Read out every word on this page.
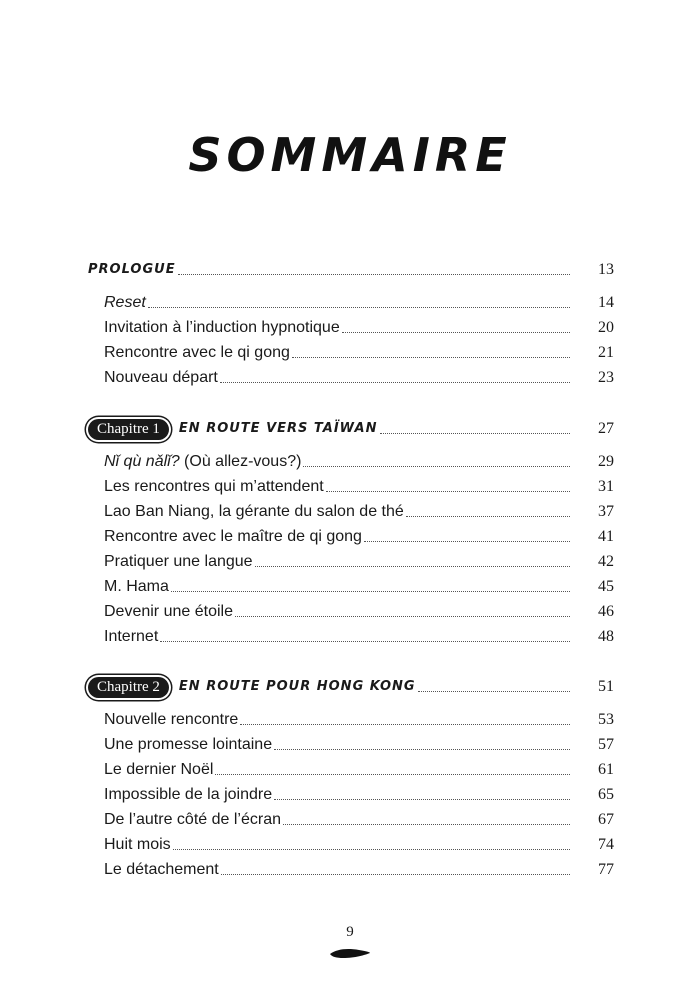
SOMMAIRE
PROLOGUE	13
Reset	14
Invitation à l’induction hypnotique	20
Rencontre avec le qi gong	21
Nouveau départ	23
Chapitre 1	EN ROUTE VERS TAÏWAN	27
Nǐ qù nǎlǐ? (Où allez-vous?)	29
Les rencontres qui m’attendent	31
Lao Ban Niang, la gérante du salon de thé	37
Rencontre avec le maître de qi gong	41
Pratiquer une langue	42
M. Hama	45
Devenir une étoile	46
Internet	48
Chapitre 2	EN ROUTE POUR HONG KONG	51
Nouvelle rencontre	53
Une promesse lointaine	57
Le dernier Noël	61
Impossible de la joindre	65
De l’autre côté de l’écran	67
Huit mois	74
Le détachement	77
9
